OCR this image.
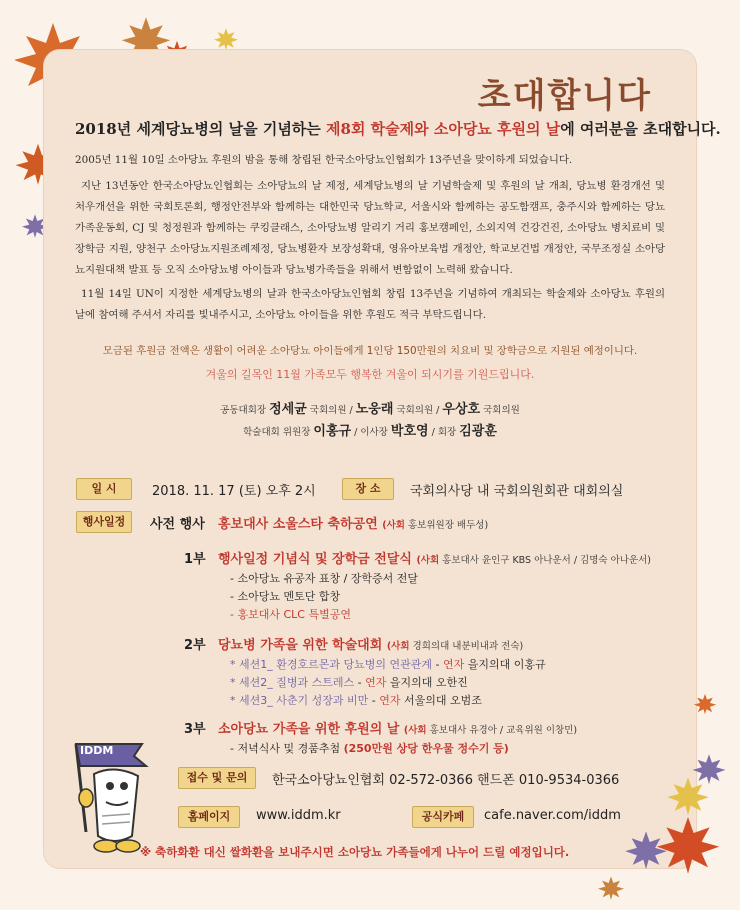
초대합니다
2018년 세계당뇨병의 날을 기념하는 제8회 학술제와 소아당뇨 후원의 날에 여러분을 초대합니다.
2005년 11월 10일 소아당뇨 후원의 밤을 통해 창립된 한국소아당뇨인협회가 13주년을 맞이하게 되었습니다.
지난 13년동안 한국소아당뇨인협회는 소아당뇨의 날 제정, 세계당뇨병의 날 기념학술제 및 후원의 날 개최, 당뇨병 환경개선 및 처우개선을 위한 국회토론회, 행정안전부와 함께하는 대한민국 당뇨학교, 서울시와 함께하는 공도함캠프, 충주시와 함께하는 당뇨가족운동회, CJ 및 청정원과 함께하는 쿠킹클래스, 소아당뇨병 알리기 거리 홍보캠페인, 소외지역 건강건진, 소아당뇨 병치료비 및 장학금 지원, 양천구 소아당뇨지원조례제정, 당뇨병환자 보장성확대, 영유아보육법 개정안, 학교보건법 개정안, 국무조정실 소아당뇨지원대책 발표 등 오직 소아당뇨병 아이들과 당뇨병가족들을 위해서 변함없이 노력해 왔습니다.
11월 14일 UN이 지정한 세계당뇨병의 날과 한국소아당뇨인협회 창립 13주년을 기념하여 개최되는 학술제와 소아당뇨 후원의 날에 참여해 주셔서 자리를 빛내주시고, 소아당뇨 아이들을 위한 후원도 적극 부탁드립니다.
모금된 후원금 전액은 생활이 어려운 소아당뇨 아이들에게 1인당 150만원의 치요비 및 장학금으로 지원된 예정이니다.
겨울의 길목인 11월 가족모두 행복한 겨울이 되시기를 기원드립니다.
공동대회장 정세균 국회의원 / 노웅래 국회의원 / 우상호 국회의원
학술대회 위원장 이홍규 / 이사장 박호영 / 회장 김광훈
일 시	2018. 11. 17 (토) 오후 2시	장 소	국회의사당 내 국회의원회관 대회의실
행사일정	사전 행사 홍보대사 소울스타 축하공연 (사회 홍보위원장 배두성)
1부 행사일정 기념식 및 장학금 전달식 (사회 홍보대사 윤인구 KBS 아나운서 / 김명숙 아나운서)
- 소아당뇨 유공자 표창 / 장학증서 전달
- 소아당뇨 멘토단 합창
- 홍보대사 CLC 특별공연
2부 당뇨병 가족을 위한 학술대회 (사회 경희의대 내분비내과 전숙)
* 세션1_ 환경호르몬과 당뇨병의 연관관계 - 연자 을지의대 이홍규
* 세션2_ 질병과 스트레스 - 연자 을지의대 오한진
* 세션3_ 사춘기 성장과 비만 - 연자 서울의대 오범조
3부 소아당뇨 가족을 위한 후원의 날 (사회 홍보대사 유경아 / 교육위원 이창민)
- 저녁식사 및 경품추첨 (250만원 상당 한우물 정수기 등)
IDDM
접수 및 문의	한국소아당뇨인협회 02-572-0366 핸드폰 010-9534-0366
홈페이지	www.iddm.kr	공식카페	cafe.naver.com/iddm
※ 축하화환 대신 쌀화환을 보내주시면 소아당뇨 가족들에게 나누어 드릴 예정입니다.
